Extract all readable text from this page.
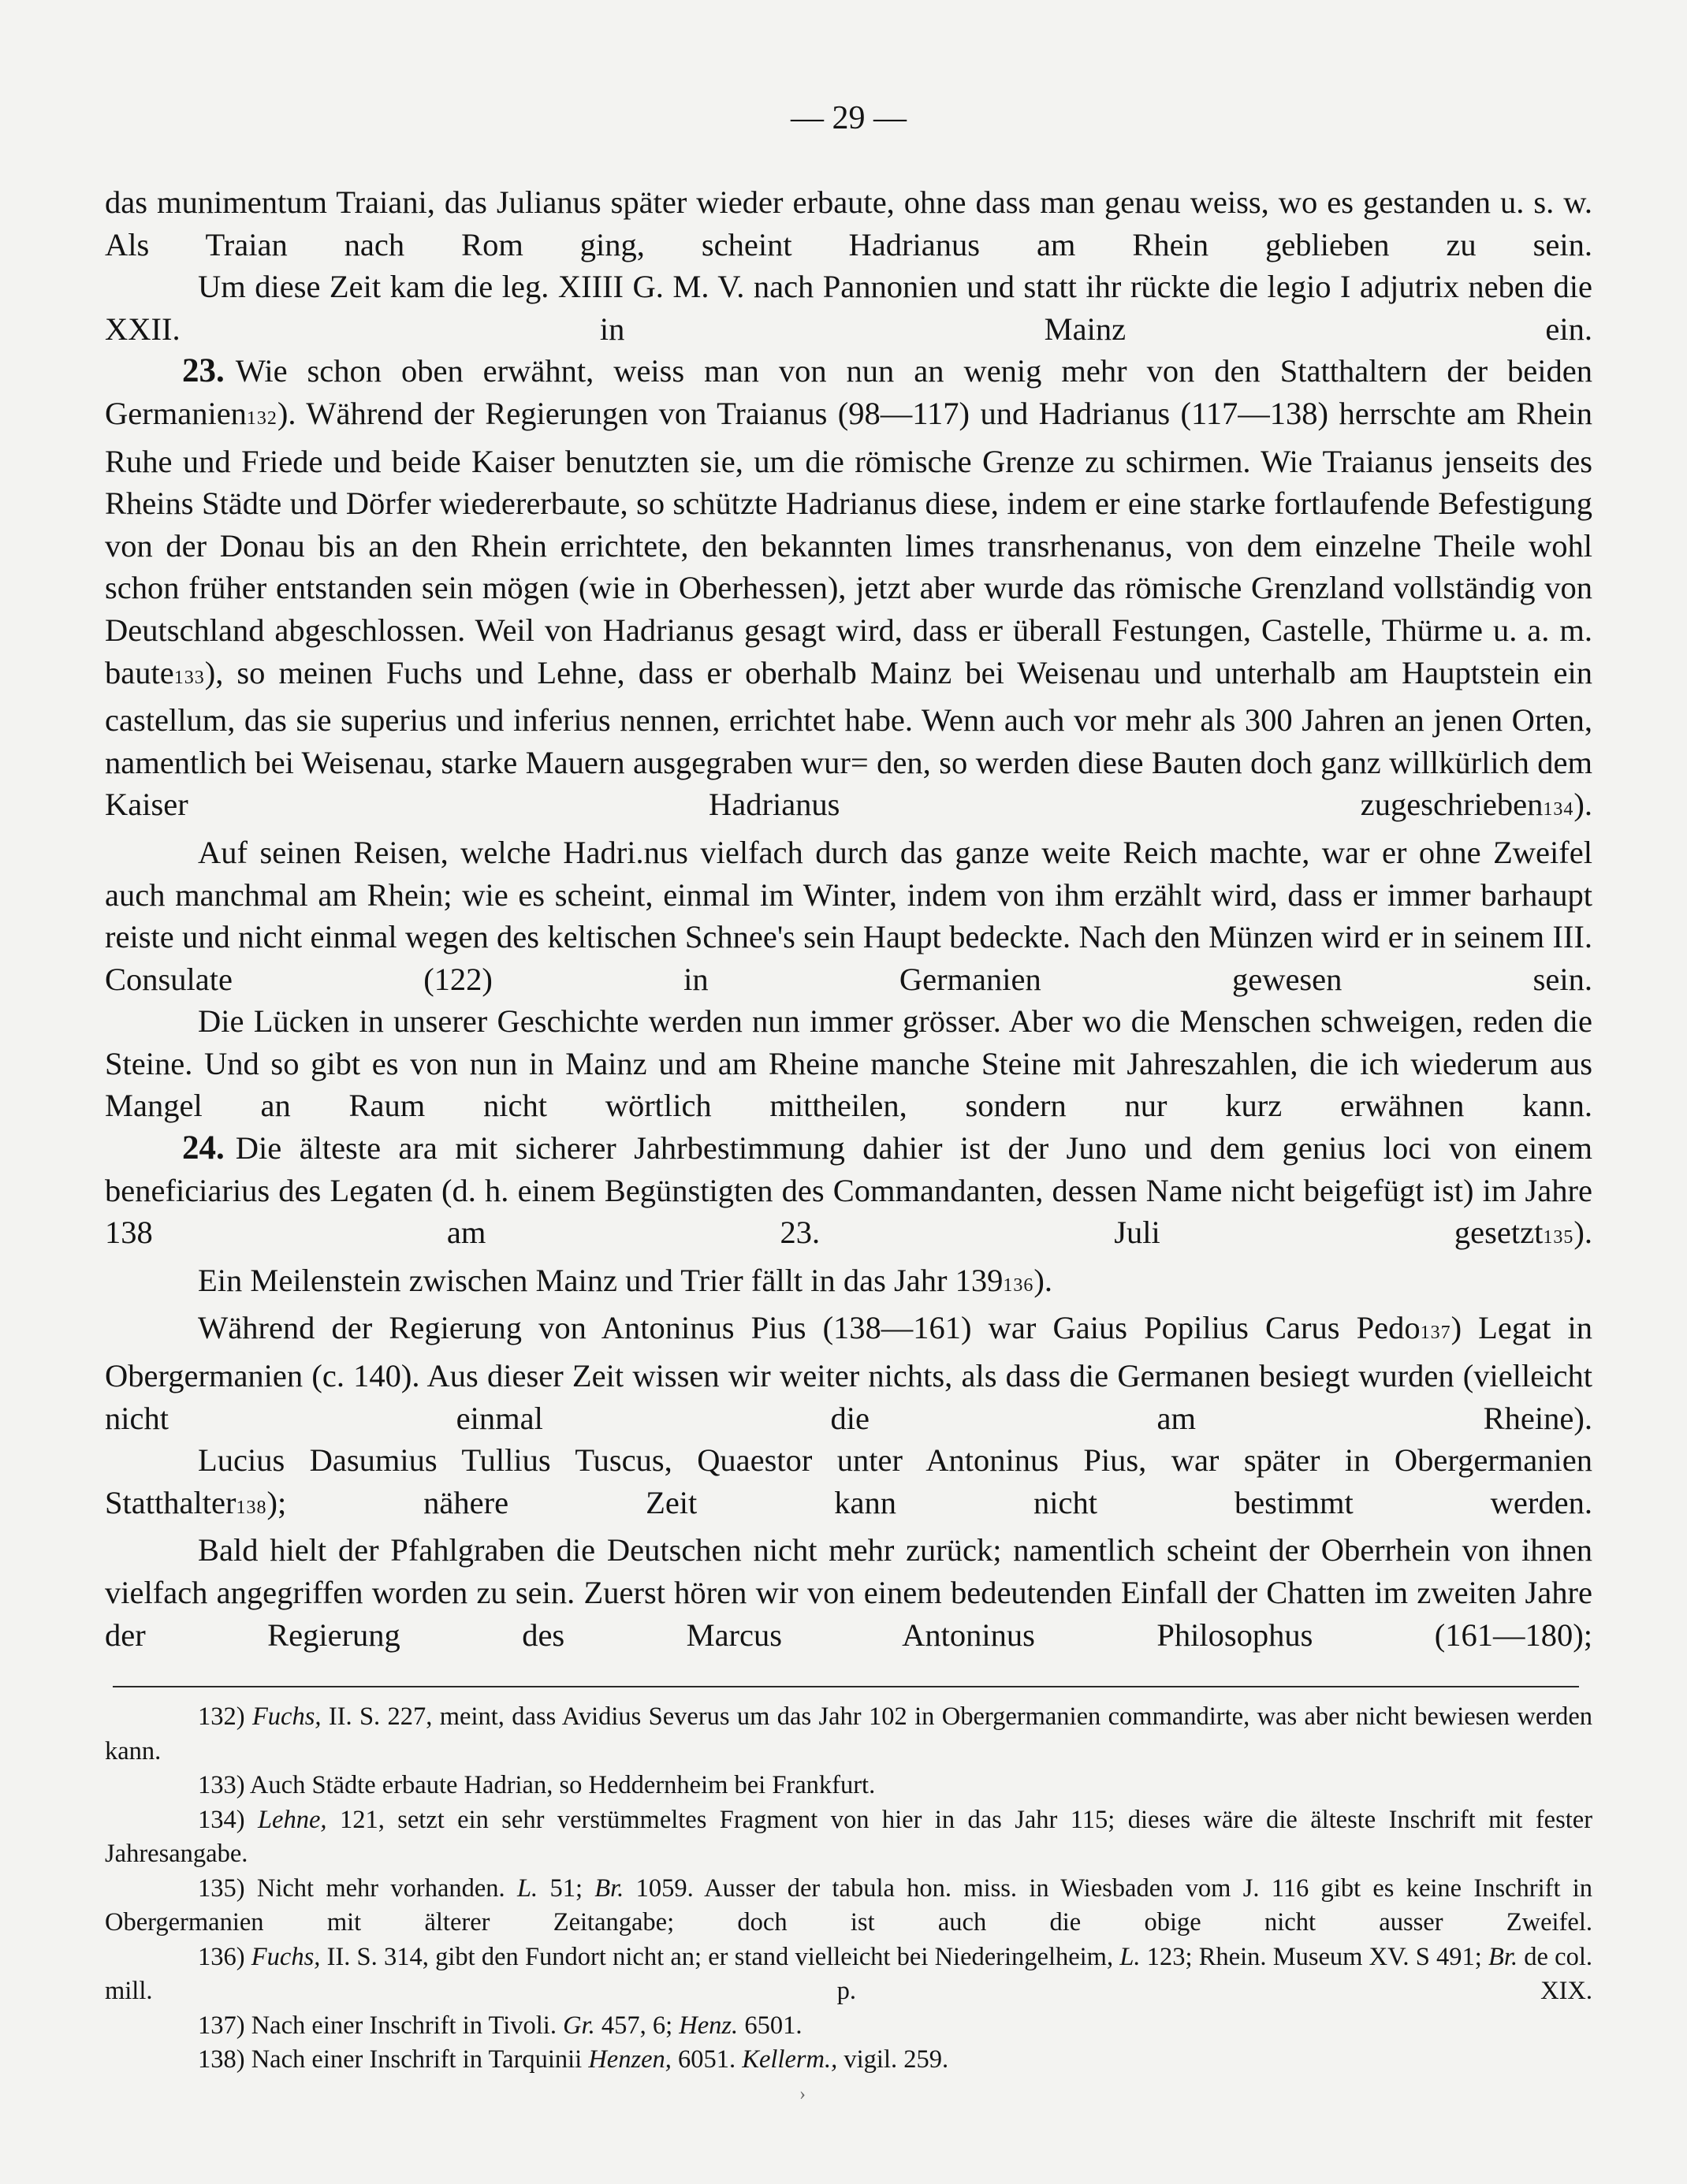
— 29 —

das munimentum Traiani, das Julianus später wieder erbaute, ohne dass man genau weiss, wo es gestanden u. s. w. Als Traian nach Rom ging, scheint Hadrianus am Rhein geblieben zu sein.

Um diese Zeit kam die leg. XIIII G. M. V. nach Pannonien und statt ihr rückte die legio I adjutrix neben die XXII. in Mainz ein.

23. Wie schon oben erwähnt, weiss man von nun an wenig mehr von den Statthaltern der beiden Germanien132). Während der Regierungen von Traianus (98—117) und Hadrianus (117—138) herrschte am Rhein Ruhe und Friede und beide Kaiser benutzten sie, um die römische Grenze zu schirmen. Wie Traianus jenseits des Rheins Städte und Dörfer wiedererbaute, so schützte Hadrianus diese, indem er eine starke fortlaufende Befestigung von der Donau bis an den Rhein errichtete, den bekannten limes transrhenanus, von dem einzelne Theile wohl schon früher entstanden sein mögen (wie in Oberhessen), jetzt aber wurde das römische Grenzland vollständig von Deutschland abgeschlossen. Weil von Hadrianus gesagt wird, dass er überall Festungen, Castelle, Thürme u. a. m. baute133), so meinen Fuchs und Lehne, dass er oberhalb Mainz bei Weisenau und unterhalb am Hauptstein ein castellum, das sie superius und inferius nennen, errichtet habe. Wenn auch vor mehr als 300 Jahren an jenen Orten, namentlich bei Weisenau, starke Mauern ausgegraben wur= den, so werden diese Bauten doch ganz willkürlich dem Kaiser Hadrianus zugeschrieben134).

Auf seinen Reisen, welche Hadri.nus vielfach durch das ganze weite Reich machte, war er ohne Zweifel auch manchmal am Rhein; wie es scheint, einmal im Winter, indem von ihm erzählt wird, dass er immer barhaupt reiste und nicht einmal wegen des keltischen Schnee's sein Haupt bedeckte. Nach den Münzen wird er in seinem III. Consulate (122) in Germanien gewesen sein.

Die Lücken in unserer Geschichte werden nun immer grösser. Aber wo die Menschen schweigen, reden die Steine. Und so gibt es von nun in Mainz und am Rheine manche Steine mit Jahreszahlen, die ich wiederum aus Mangel an Raum nicht wörtlich mittheilen, sondern nur kurz erwähnen kann.

24. Die älteste ara mit sicherer Jahrbestimmung dahier ist der Juno und dem genius loci von einem beneficiarius des Legaten (d. h. einem Begünstigten des Commandanten, dessen Name nicht beigefügt ist) im Jahre 138 am 23. Juli gesetzt135).

Ein Meilenstein zwischen Mainz und Trier fällt in das Jahr 139136).

Während der Regierung von Antoninus Pius (138—161) war Gaius Popilius Carus Pedo137) Legat in Obergermanien (c. 140). Aus dieser Zeit wissen wir weiter nichts, als dass die Germanen besiegt wurden (vielleicht nicht einmal die am Rheine).

Lucius Dasumius Tullius Tuscus, Quaestor unter Antoninus Pius, war später in Obergermanien Statthalter138); nähere Zeit kann nicht bestimmt werden.

Bald hielt der Pfahlgraben die Deutschen nicht mehr zurück; namentlich scheint der Oberrhein von ihnen vielfach angegriffen worden zu sein. Zuerst hören wir von einem bedeutenden Einfall der Chatten im zweiten Jahre der Regierung des Marcus Antoninus Philosophus (161—180);

132) Fuchs, II. S. 227, meint, dass Avidius Severus um das Jahr 102 in Obergermanien commandirte, was aber nicht bewiesen werden kann.

133) Auch Städte erbaute Hadrian, so Heddernheim bei Frankfurt.

134) Lehne, 121, setzt ein sehr verstümmeltes Fragment von hier in das Jahr 115; dieses wäre die älteste Inschrift mit fester Jahresangabe.

135) Nicht mehr vorhanden. L. 51; Br. 1059. Ausser der tabula hon. miss. in Wiesbaden vom J. 116 gibt es keine Inschrift in Obergermanien mit älterer Zeitangabe; doch ist auch die obige nicht ausser Zweifel.

136) Fuchs, II. S. 314, gibt den Fundort nicht an; er stand vielleicht bei Niederingelheim, L. 123; Rhein. Museum XV. S 491; Br. de col. mill. p. XIX.

137) Nach einer Inschrift in Tivoli. Gr. 457, 6; Henz. 6501.

138) Nach einer Inschrift in Tarquinii Henzen, 6051. Kellerm., vigil. 259.

›
